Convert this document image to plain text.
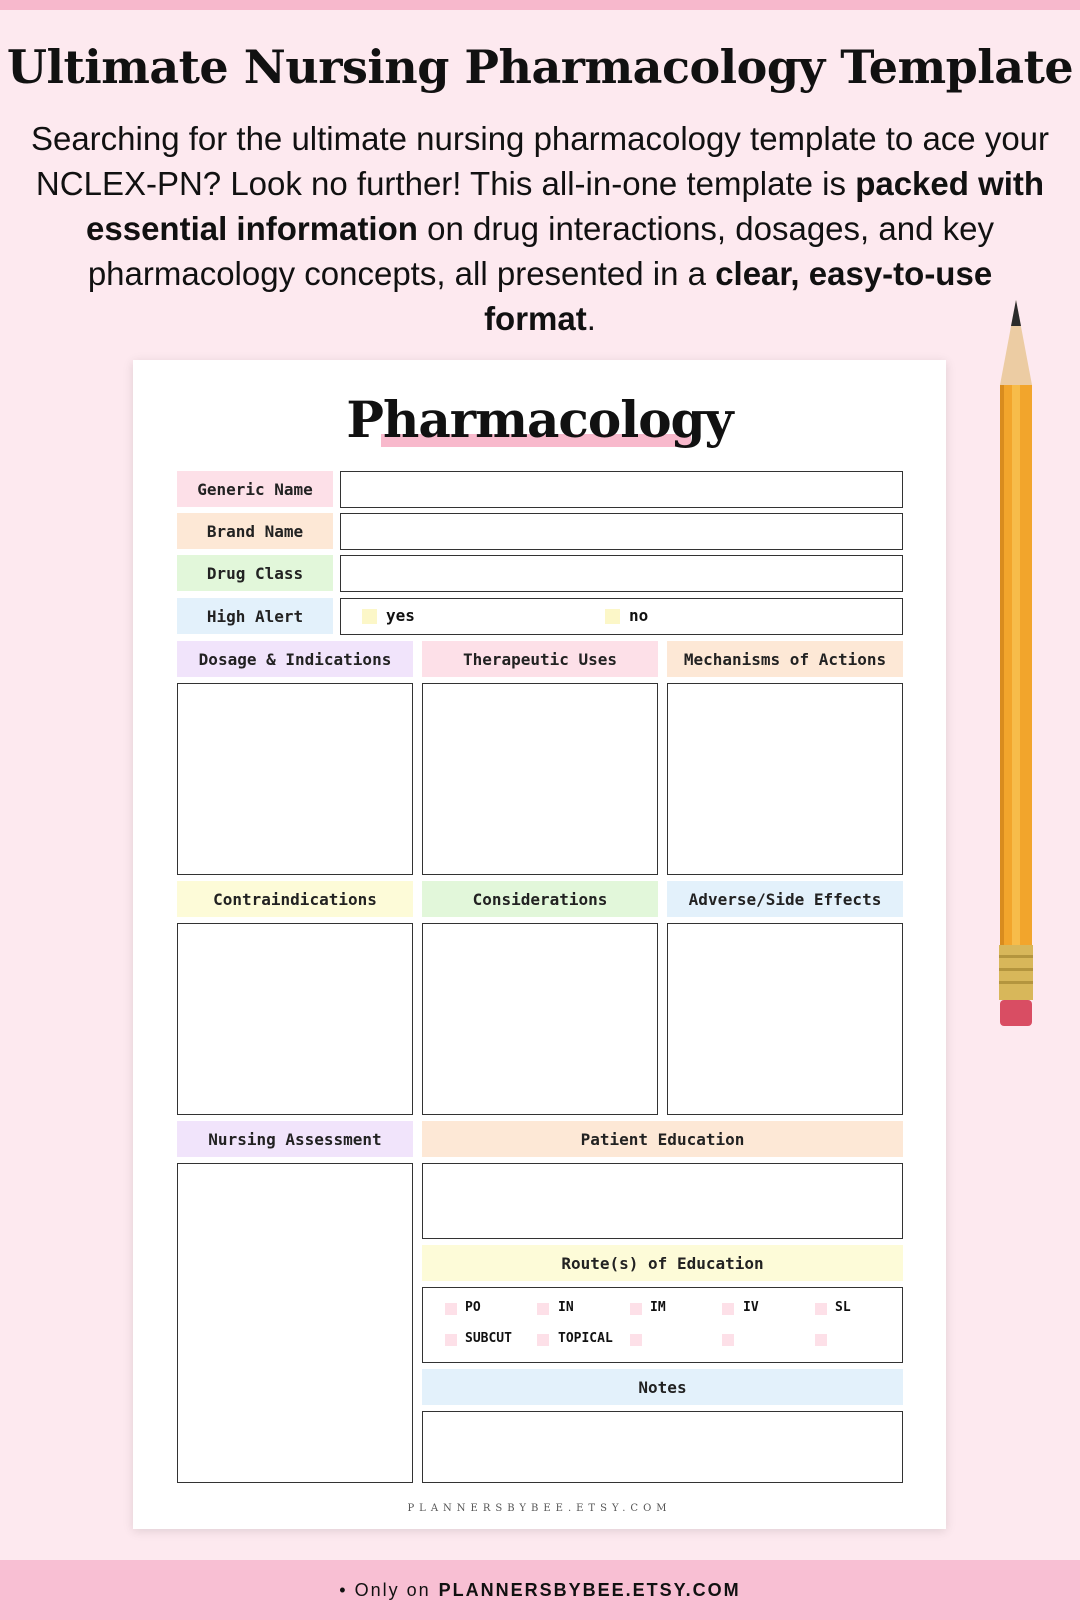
Ultimate Nursing Pharmacology Template

Searching for the ultimate nursing pharmacology template to ace your NCLEX-PN? Look no further! This all-in-one template is packed with essential information on drug interactions, dosages, and key pharmacology concepts, all presented in a clear, easy-to-use format.

Pharmacology
Generic Name
Brand Name
Drug Class
High Alert	yes	no
Dosage & Indications	Therapeutic Uses	Mechanisms of Actions
Contraindications	Considerations	Adverse/Side Effects
Nursing Assessment	Patient Education
Route(s) of Education
PO	IN	IM	IV	SL
SUBCUT	TOPICAL
Notes
PLANNERSBYBEE.ETSY.COM
• Only on PLANNERSBYBEE.ETSY.COM
